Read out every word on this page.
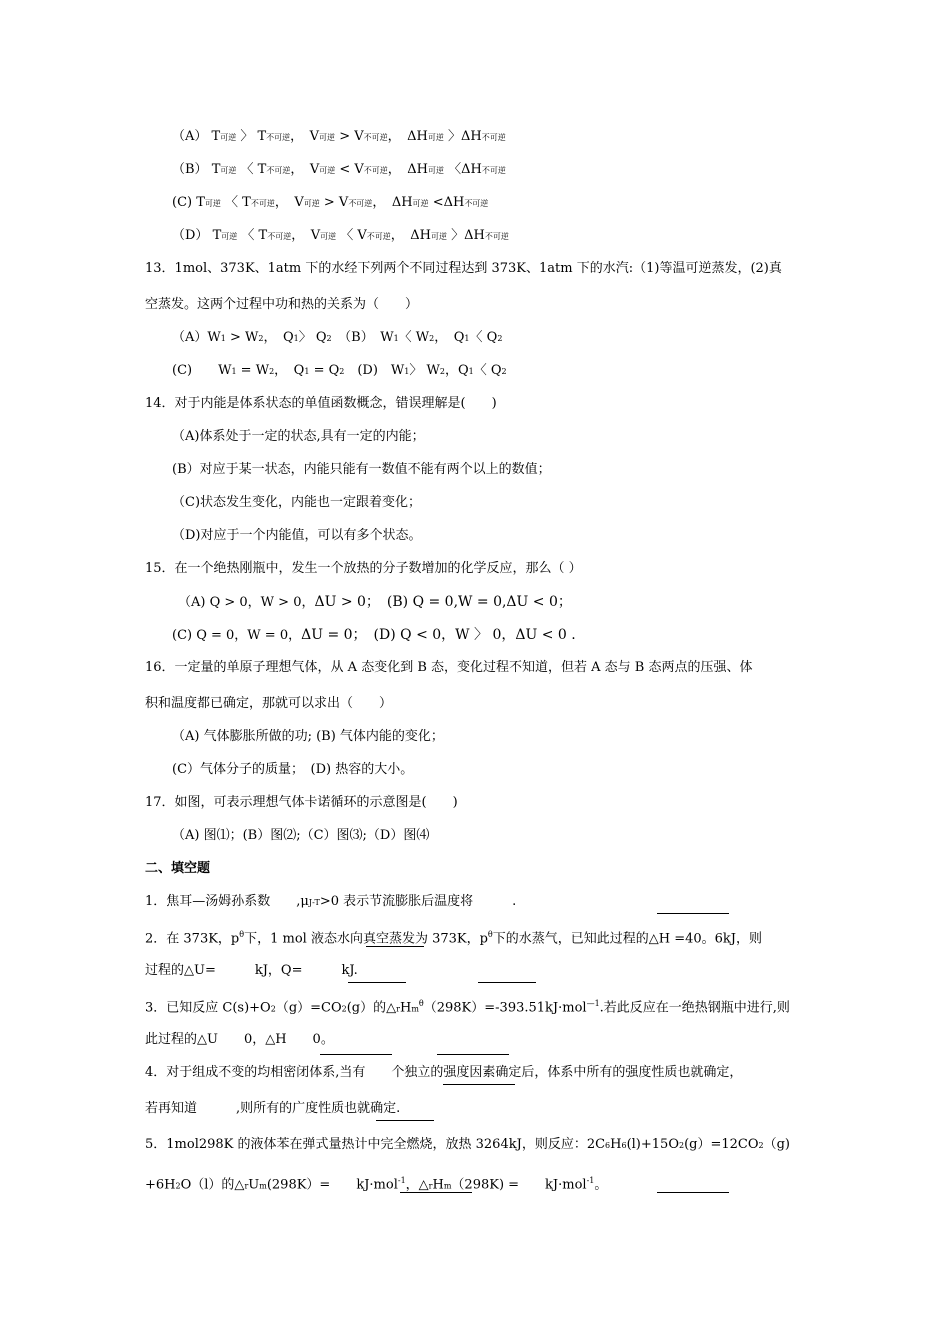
（A） T可逆 〉 T不可逆，　V可逆 > V不可逆，　ΔH可逆 〉ΔH不可逆
（B） T可逆 〈 T不可逆，　V可逆 < V不可逆，　ΔH可逆 〈ΔH不可逆
(C) T可逆 〈 T不可逆，　V可逆 > V不可逆，　ΔH可逆 <ΔH不可逆
（D） T可逆 〈 T不可逆，　V可逆 〈 V不可逆，　ΔH可逆 〉ΔH不可逆
13．1mol、373K、1atm 下的水经下列两个不同过程达到 373K、1atm 下的水汽:（1)等温可逆蒸发，(2)真
空蒸发。这两个过程中功和热的关系为（　　）
（A）W1 > W2，　Q1〉 Q2　（B）　W1〈 W2，　Q1〈 Q2
(C)　　W1 = W2，　Q1 = Q2　(D)　W1〉 W2，Q1〈 Q2
14．对于内能是体系状态的单值函数概念，错误理解是(　　)
（A)体系处于一定的状态,具有一定的内能；
(B）对应于某一状态，内能只能有一数值不能有两个以上的数值；
（C)状态发生变化，内能也一定跟着变化；
（D)对应于一个内能值，可以有多个状态。
15．在一个绝热刚瓶中，发生一个放热的分子数增加的化学反应，那么（ ）
（A) Q > 0，W > 0，ΔU > 0；　(B) Q = 0,W = 0,ΔU < 0；
(C) Q = 0，W = 0，ΔU = 0；　(D) Q < 0，W 〉 0，ΔU < 0 .
16．一定量的单原子理想气体，从 A 态变化到 B 态，变化过程不知道，但若 A 态与 B 态两点的压强、体
积和温度都已确定，那就可以求出（　　）
（A) 气体膨胀所做的功; (B) 气体内能的变化；
(C）气体分子的质量；　(D) 热容的大小。
17．如图，可表示理想气体卡诺循环的示意图是(　　)
（A) 图⑴；(B）图⑵;（C）图⑶;（D）图⑷
二、填空题
1．焦耳—汤姆孙系数　　,μJ-T>0 表示节流膨胀后温度将　　　.
2．在 373K，$p^\theta$下，1 mol 液态水向真空蒸发为 373K，$p^\theta$下的水蒸气，已知此过程的△H =40。6kJ，则
过程的△U=　　　kJ，Q=　　　kJ.
3．已知反应 C(s)+O2（g）=CO2(g）的△rHm$^\theta$（298K）=-393.51kJ·mol$^{—1}$.若此反应在一绝热钢瓶中进行,则
此过程的△U　　0，△H　　0。
4．对于组成不变的均相密闭体系,当有　　个独立的强度因素确定后，体系中所有的强度性质也就确定，
若再知道　　　,则所有的广度性质也就确定.
5．1mol298K 的液体苯在弹式量热计中完全燃烧，放热 3264kJ，则反应：2C6H6(l)+15O2(g）=12CO2（g)
+6H2O（l）的△rUm(298K）=　　kJ·mol$^{-1}$，△rHm（298K) =　　kJ·mol$^{-1}$。
